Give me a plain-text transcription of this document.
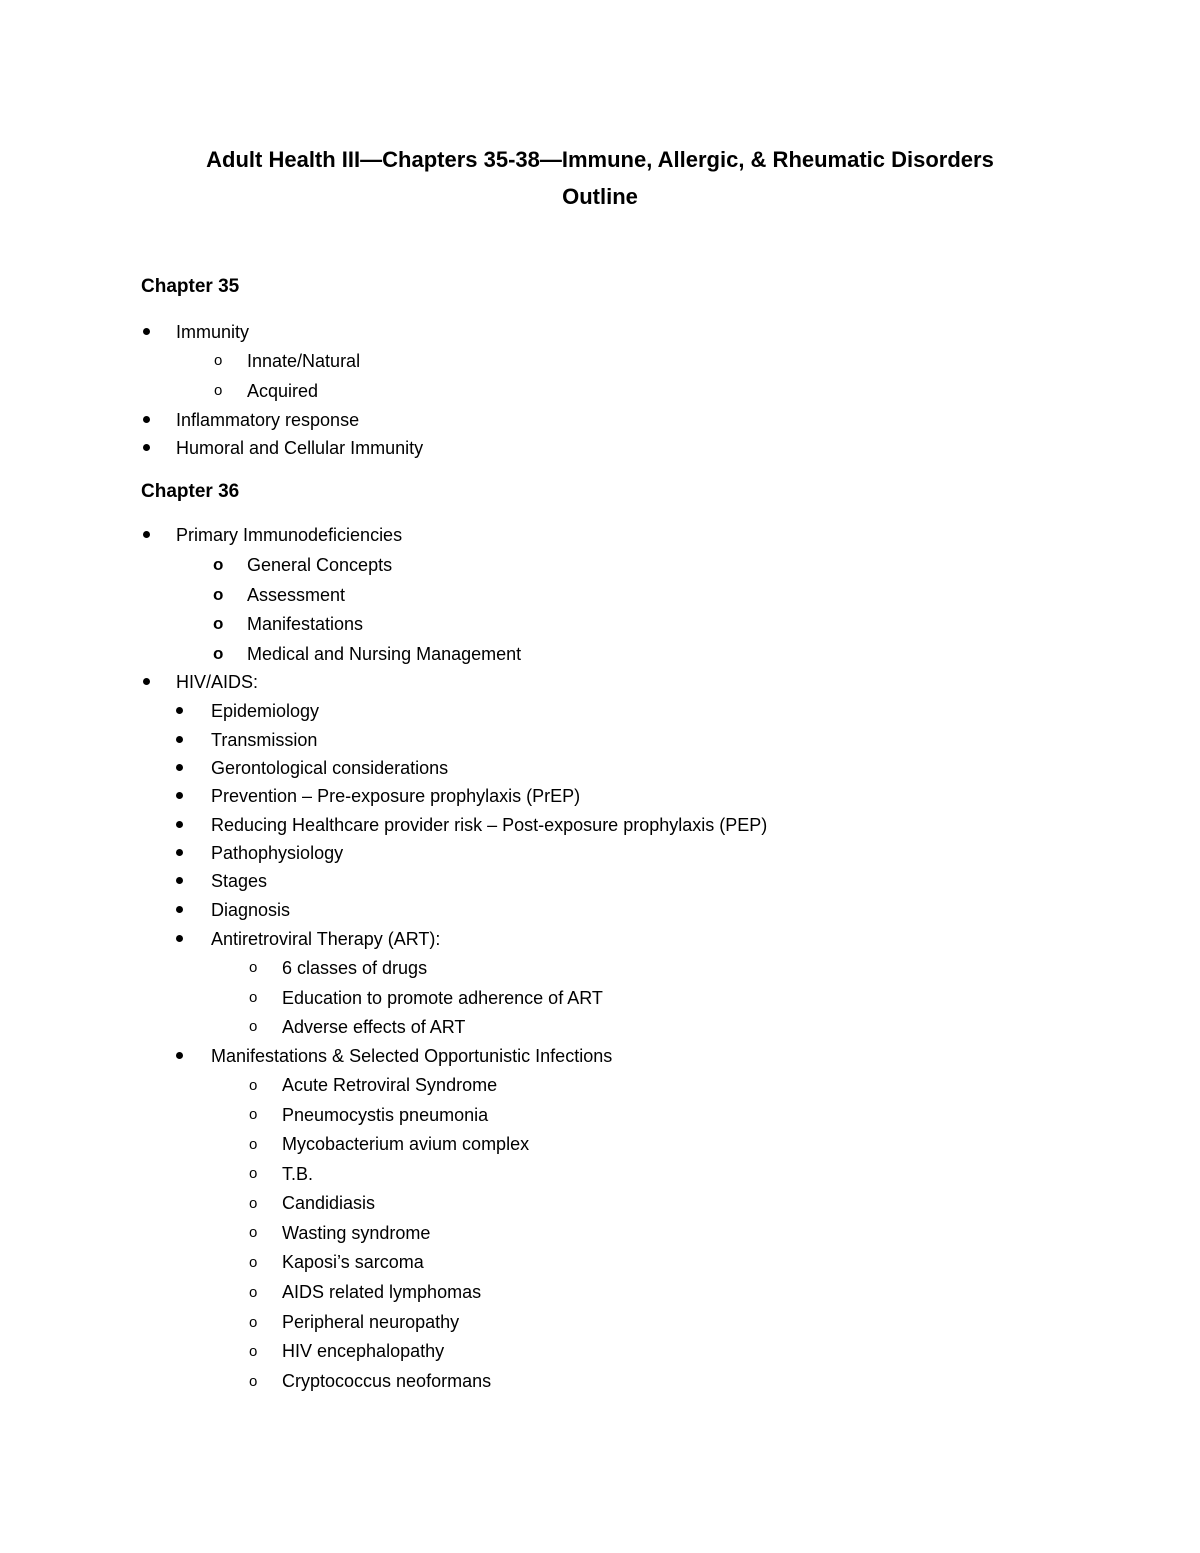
Adult Health III—Chapters 35-38—Immune, Allergic, & Rheumatic Disorders
Outline
Chapter 35
Immunity
o Innate/Natural
o Acquired
Inflammatory response
Humoral and Cellular Immunity
Chapter 36
Primary Immunodeficiencies
o General Concepts
o Assessment
o Manifestations
o Medical and Nursing Management
HIV/AIDS:
Epidemiology
Transmission
Gerontological considerations
Prevention – Pre-exposure prophylaxis (PrEP)
Reducing Healthcare provider risk – Post-exposure prophylaxis (PEP)
Pathophysiology
Stages
Diagnosis
Antiretroviral Therapy (ART):
o 6 classes of drugs
o Education to promote adherence of ART
o Adverse effects of ART
Manifestations & Selected Opportunistic Infections
o Acute Retroviral Syndrome
o Pneumocystis pneumonia
o Mycobacterium avium complex
o T.B.
o Candidiasis
o Wasting syndrome
o Kaposi’s sarcoma
o AIDS related lymphomas
o Peripheral neuropathy
o HIV encephalopathy
o Cryptococcus neoformans
